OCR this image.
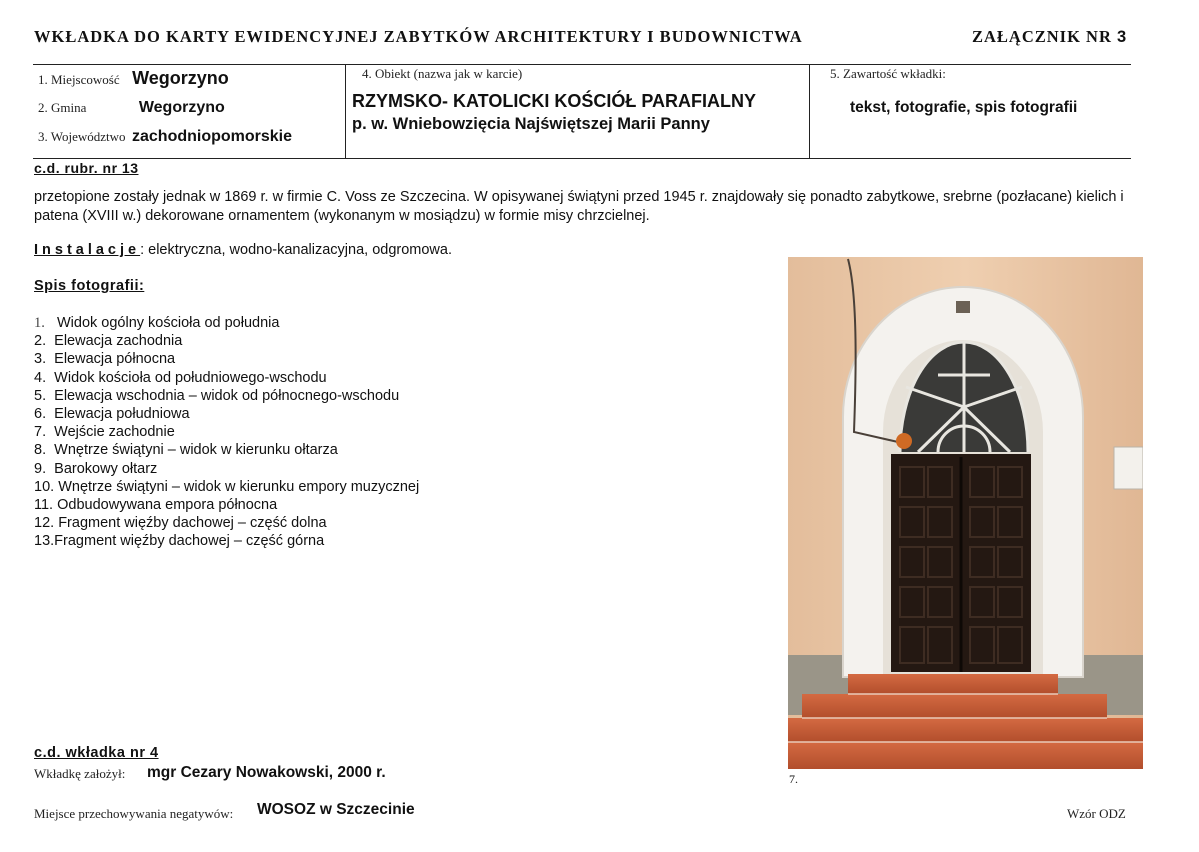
WKŁADKA DO KARTY EWIDENCYJNEJ ZABYTKÓW ARCHITEKTURY I BUDOWNICTWA	ZAŁĄCZNIK NR 3
1. Miejscowość Wegorzyno
2. Gmina	Wegorzyno
3. Województwo zachodniopomorskie
4. Obiekt (nazwa jak w karcie)
RZYMSKO- KATOLICKI KOŚCIÓŁ PARAFIALNY
p. w. Wniebowzięcia Najświętszej Marii Panny
5. Zawartość wkładki:
tekst, fotografie, spis fotografii
c.d. rubr. nr 13
przetopione zostały jednak w 1869 r. w firmie C. Voss ze Szczecina. W opisywanej świątyni przed 1945 r. znajdowały się ponadto zabytkowe, srebrne (pozłacane) kielich i patena (XVIII w.) dekorowane ornamentem (wykonanym w mosiądzu) w formie misy chrzcielnej.
Instalacje: elektryczna, wodno-kanalizacyjna, odgromowa.
Spis fotografii:
1. Widok ogólny kościoła od południa
2. Elewacja zachodnia
3. Elewacja północna
4. Widok kościoła od południowego-wschodu
5. Elewacja wschodnia – widok od północnego-wschodu
6. Elewacja południowa
7. Wejście zachodnie
8. Wnętrze świątyni – widok w kierunku ołtarza
9. Barokowy ołtarz
10. Wnętrze świątyni – widok w kierunku empory muzycznej
11. Odbudowywana empora północna
12. Fragment więźby dachowej – część dolna
13.Fragment więźby dachowej – część górna
7.
c.d. wkładka nr 4
Wkładkę założył: mgr Cezary Nowakowski, 2000 r.
Miejsce przechowywania negatywów: WOSOZ w Szczecinie	Wzór ODZ
